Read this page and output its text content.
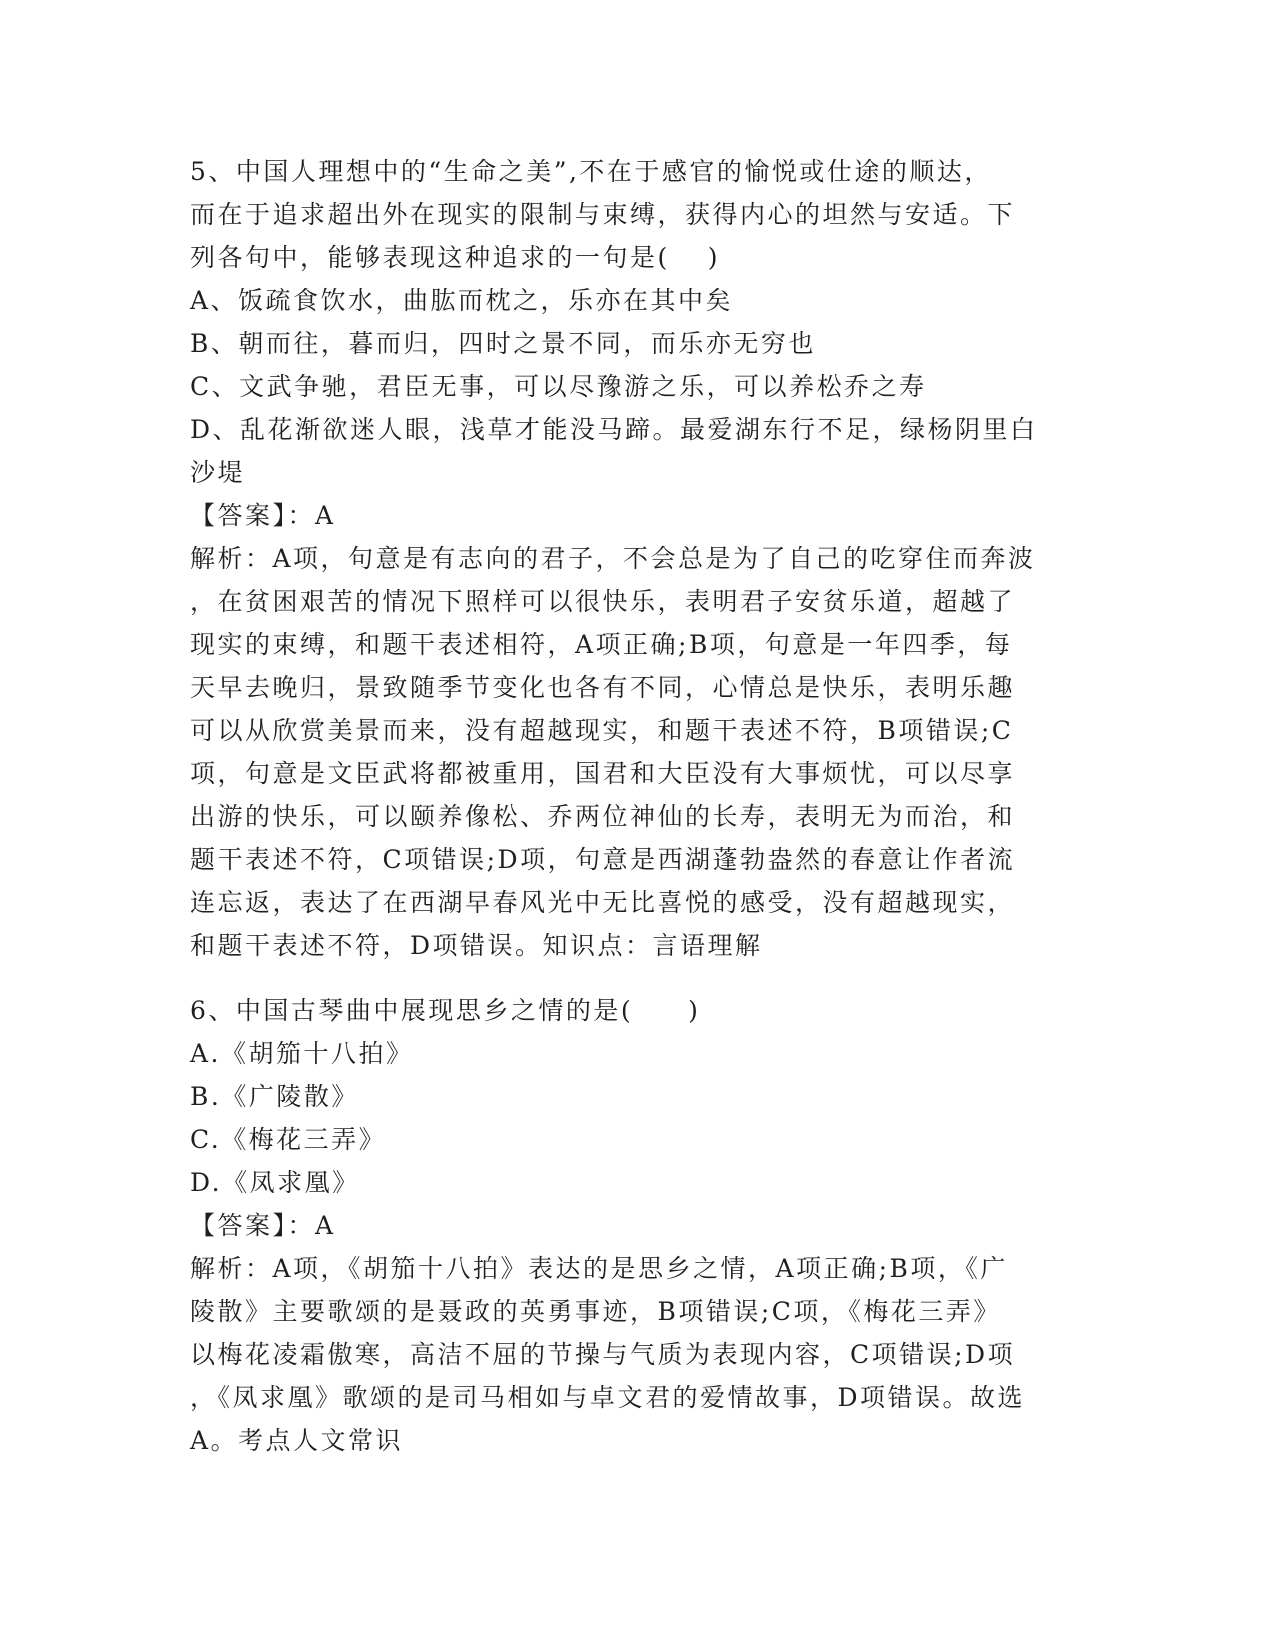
5、中国人理想中的“生命之美”,不在于感官的愉悦或仕途的顺达，
而在于追求超出外在现实的限制与束缚，获得内心的坦然与安适。下
列各句中，能够表现这种追求的一句是(　 )
A、饭疏食饮水，曲肱而枕之，乐亦在其中矣
B、朝而往，暮而归，四时之景不同，而乐亦无穷也
C、文武争驰，君臣无事，可以尽豫游之乐，可以养松乔之寿
D、乱花渐欲迷人眼，浅草才能没马蹄。最爱湖东行不足，绿杨阴里白
沙堤
【答案】：A
解析：A项，句意是有志向的君子，不会总是为了自己的吃穿住而奔波
，在贫困艰苦的情况下照样可以很快乐，表明君子安贫乐道，超越了
现实的束缚，和题干表述相符，A项正确;B项，句意是一年四季，每
天早去晚归，景致随季节变化也各有不同，心情总是快乐，表明乐趣
可以从欣赏美景而来，没有超越现实，和题干表述不符，B项错误;C
项，句意是文臣武将都被重用，国君和大臣没有大事烦忧，可以尽享
出游的快乐，可以颐养像松、乔两位神仙的长寿，表明无为而治，和
题干表述不符，C项错误;D项，句意是西湖蓬勃盎然的春意让作者流
连忘返，表达了在西湖早春风光中无比喜悦的感受，没有超越现实，
和题干表述不符，D项错误。知识点：言语理解
6、中国古琴曲中展现思乡之情的是(　　)
A.《胡笳十八拍》
B.《广陵散》
C.《梅花三弄》
D.《凤求凰》
【答案】：A
解析：A项，《胡笳十八拍》表达的是思乡之情，A项正确;B项，《广
陵散》主要歌颂的是聂政的英勇事迹，B项错误;C项，《梅花三弄》
以梅花凌霜傲寒，高洁不屈的节操与气质为表现内容，C项错误;D项
，《凤求凰》歌颂的是司马相如与卓文君的爱情故事，D项错误。故选
A。考点人文常识
